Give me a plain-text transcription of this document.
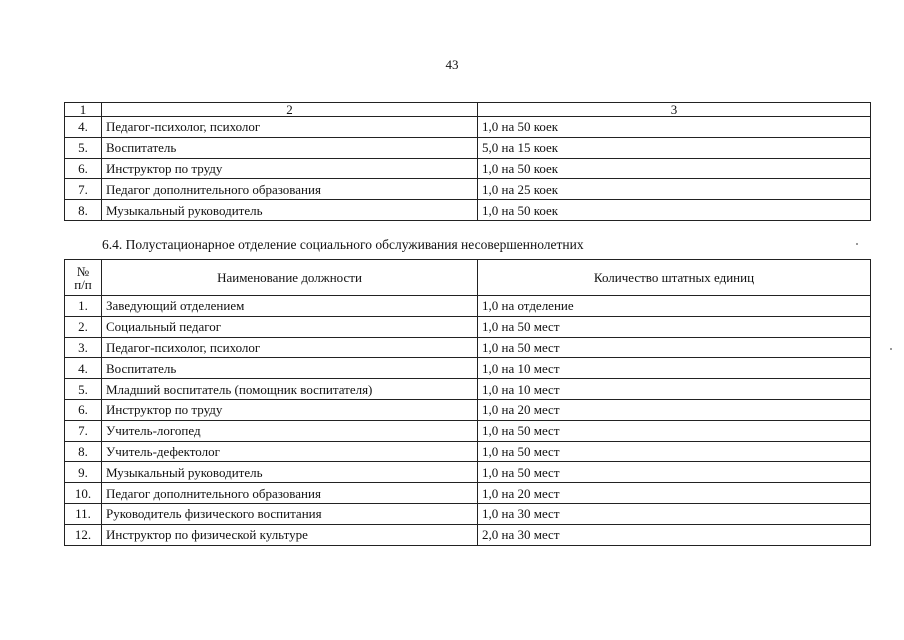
43
1	2	3
4.	Педагог-психолог, психолог	1,0 на 50 коек
5.	Воспитатель	5,0 на 15 коек
6.	Инструктор по труду	1,0 на 50 коек
7.	Педагог дополнительного образования	1,0 на 25 коек
8.	Музыкальный руководитель	1,0 на 50 коек
6.4. Полустационарное отделение социального обслуживания несовершеннолетних
№
п/п	Наименование должности	Количество штатных единиц
1.	Заведующий отделением	1,0 на отделение
2.	Социальный педагог	1,0 на 50 мест
3.	Педагог-психолог, психолог	1,0 на 50 мест
4.	Воспитатель	1,0 на 10 мест
5.	Младший воспитатель (помощник воспитателя)	1,0 на 10 мест
6.	Инструктор по труду	1,0 на 20 мест
7.	Учитель-логопед	1,0 на 50 мест
8.	Учитель-дефектолог	1,0 на 50 мест
9.	Музыкальный руководитель	1,0 на 50 мест
10.	Педагог дополнительного образования	1,0 на 20 мест
11.	Руководитель физического воспитания	1,0 на 30 мест
12.	Инструктор по физической культуре	2,0 на 30 мест
